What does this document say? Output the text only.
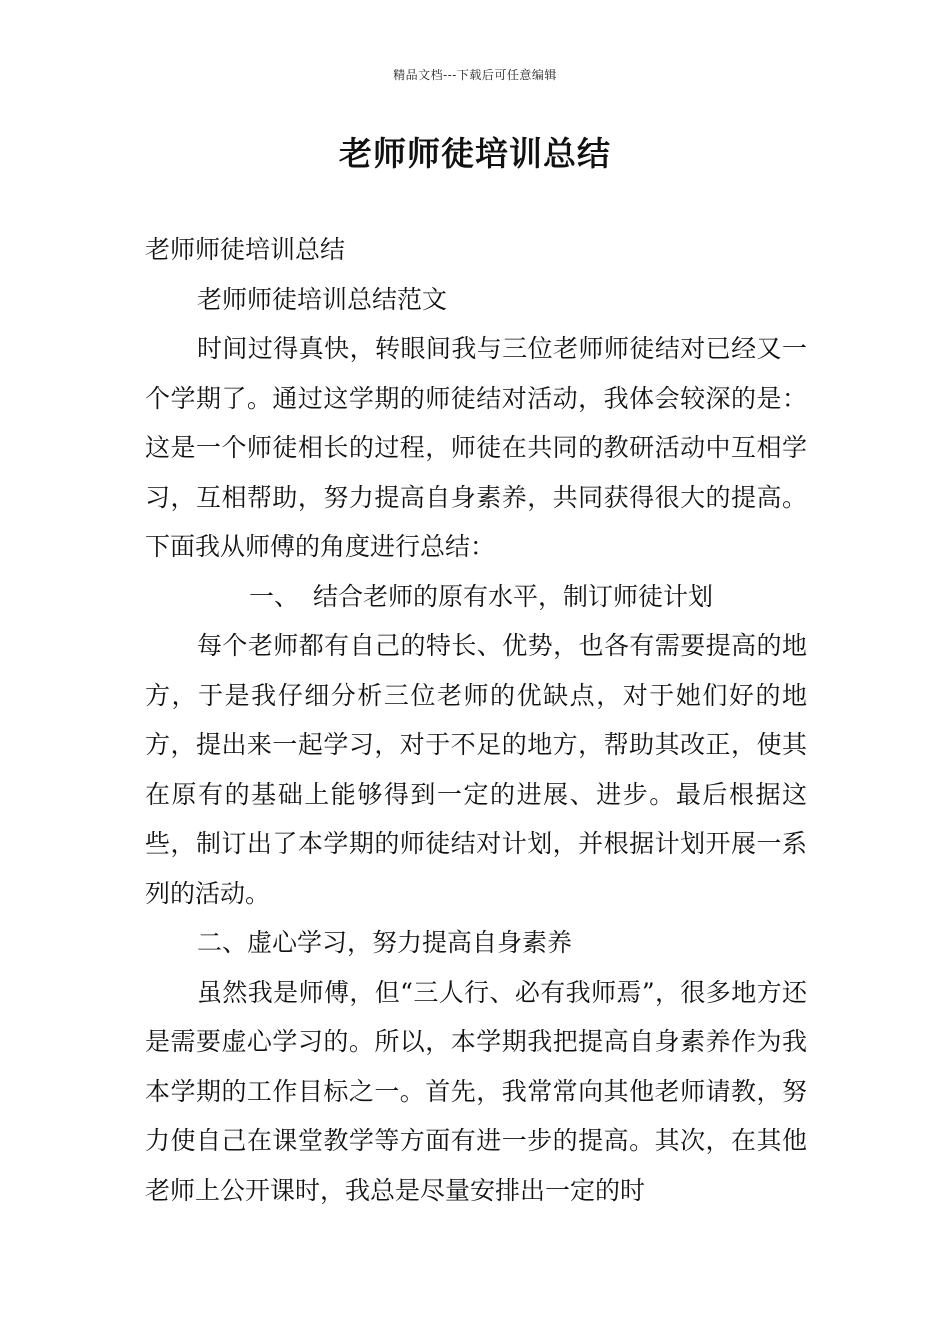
精品文档---下载后可任意编辑
老师师徒培训总结

老师师徒培训总结

老师师徒培训总结范文

时间过得真快，转眼间我与三位老师师徒结对已经又一个学期了。通过这学期的师徒结对活动，我体会较深的是：这是一个师徒相长的过程，师徒在共同的教研活动中互相学习，互相帮助，努力提高自身素养，共同获得很大的提高。下面我从师傅的角度进行总结：

一、 结合老师的原有水平，制订师徒计划

每个老师都有自己的特长、优势，也各有需要提高的地方，于是我仔细分析三位老师的优缺点，对于她们好的地方，提出来一起学习，对于不足的地方，帮助其改正，使其在原有的基础上能够得到一定的进展、进步。最后根据这些，制订出了本学期的师徒结对计划，并根据计划开展一系列的活动。

二、虚心学习，努力提高自身素养

虽然我是师傅，但“三人行、必有我师焉”，很多地方还是需要虚心学习的。所以，本学期我把提高自身素养作为我本学期的工作目标之一。首先，我常常向其他老师请教，努力使自己在课堂教学等方面有进一步的提高。其次，在其他老师上公开课时，我总是尽量安排出一定的时
